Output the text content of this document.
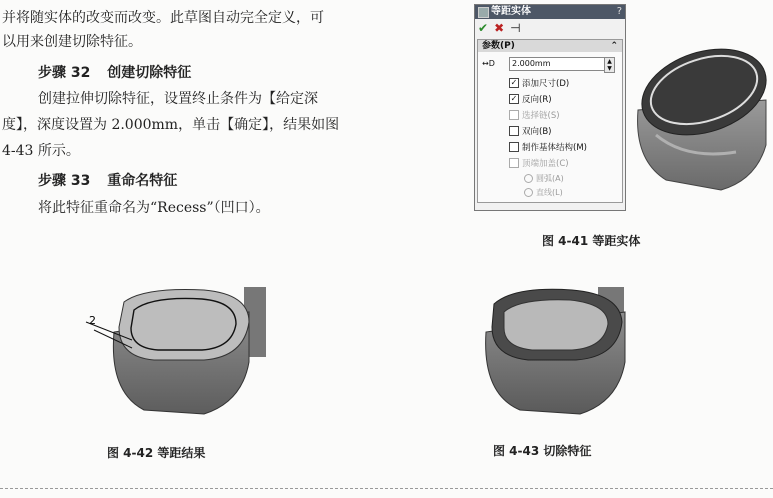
并将随实体的改变而改变。此草图自动完全定义，可
以用来创建切除特征。
步骤 32 创建切除特征
创建拉伸切除特征，设置终止条件为【给定深
度】，深度设置为 2.000mm，单击【确定】，结果如图
4-43 所示。
步骤 33 重命名特征
将此特征重命名为“Recess”（凹口）。
等距实体	?
✔ ✖ ⊣
参数(P)	⌃
↔D	2.000mm	▲
▼
✓ 添加尺寸(D)
✓ 反向(R)
选择链(S)
双向(B)
制作基体结构(M)
顶端加盖(C)
圆弧(A)
直线(L)
2
图 4-41 等距实体
图 4-42 等距结果	图 4-43 切除特征
